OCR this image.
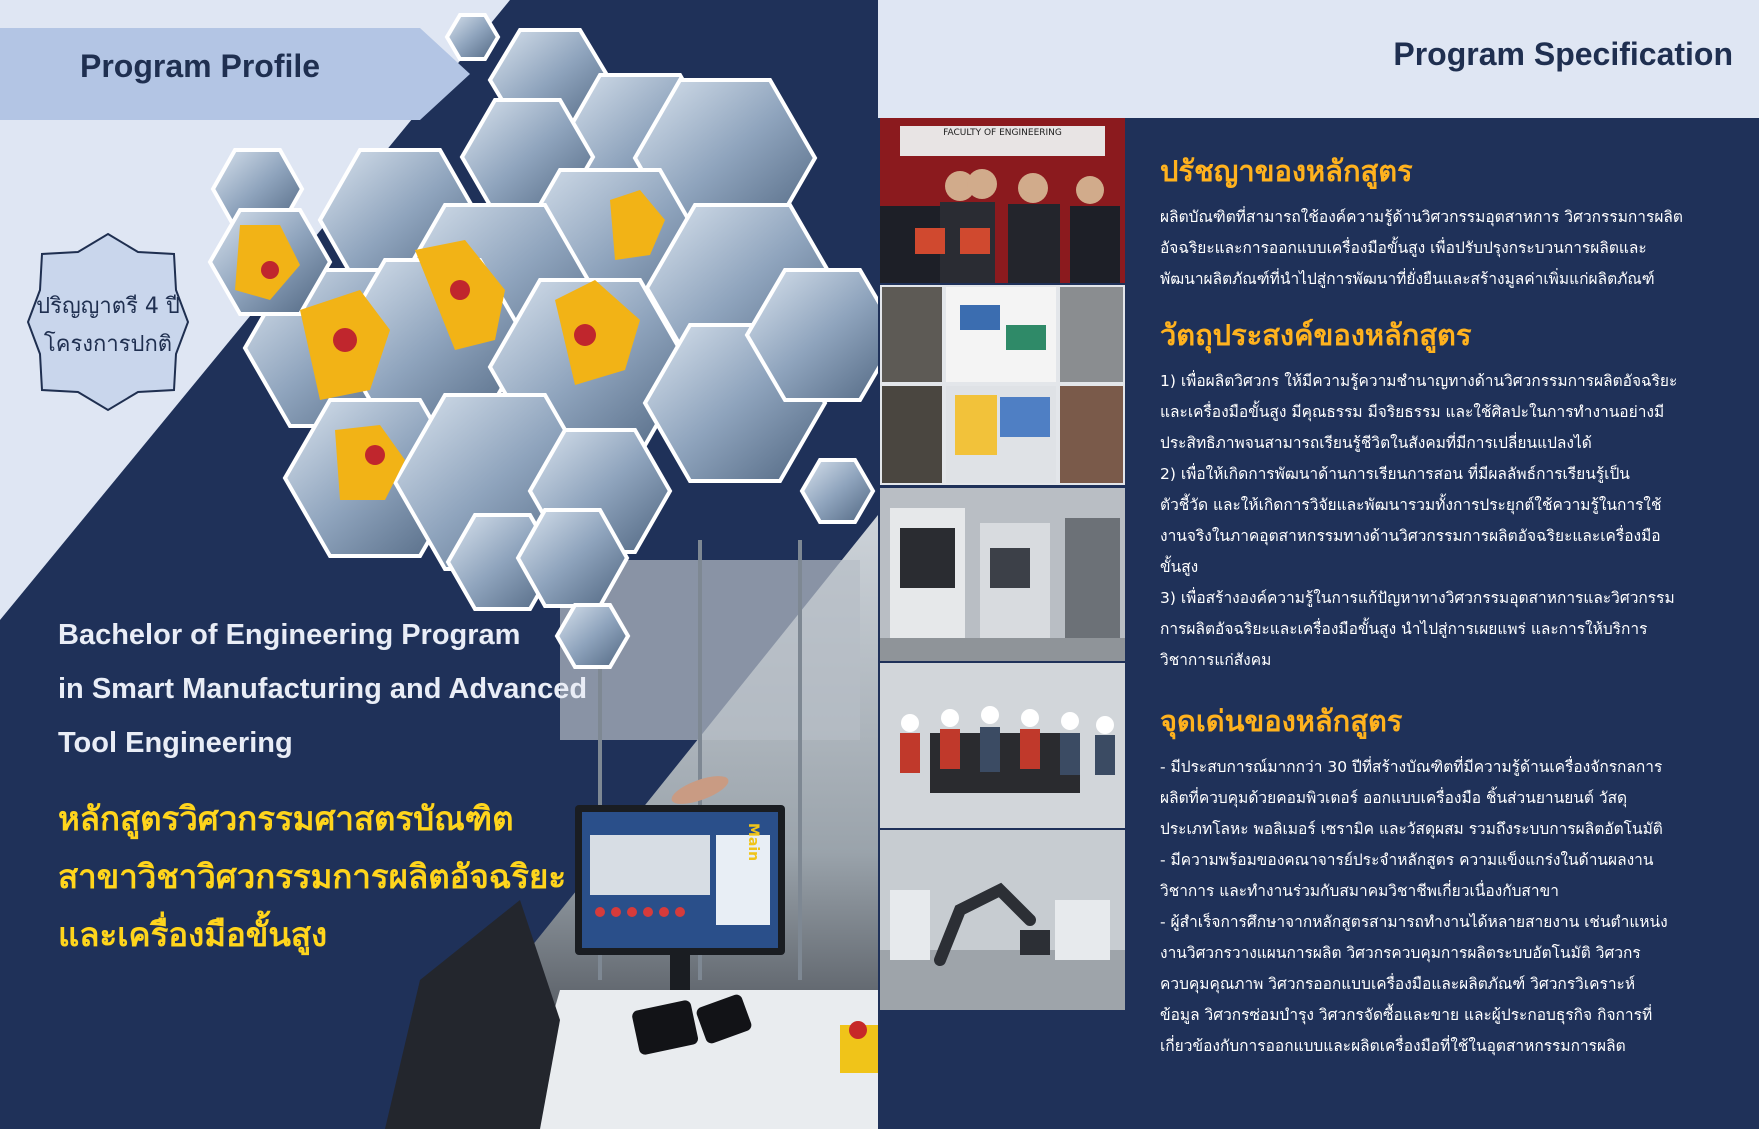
Program Profile
ปริญญาตรี 4 ปี
โครงการปกติ
Bachelor of Engineering Program
in Smart Manufacturing and Advanced
Tool Engineering
หลักสูตรวิศวกรรมศาสตรบัณฑิต
สาขาวิชาวิศวกรรมการผลิตอัจฉริยะ
และเครื่องมือขั้นสูง
Main
Program Specification
FACULTY OF ENGINEERING
ปรัชญาของหลักสูตร
ผลิตบัณฑิตที่สามารถใช้องค์ความรู้ด้านวิศวกรรมอุตสาหการ วิศวกรรมการผลิต
อัจฉริยะและการออกแบบเครื่องมือขั้นสูง เพื่อปรับปรุงกระบวนการผลิตและ
พัฒนาผลิตภัณฑ์ที่นำไปสู่การพัฒนาที่ยั่งยืนและสร้างมูลค่าเพิ่มแก่ผลิตภัณฑ์
วัตถุประสงค์ของหลักสูตร
1) เพื่อผลิตวิศวกร ให้มีความรู้ความชำนาญทางด้านวิศวกรรมการผลิตอัจฉริยะ
และเครื่องมือขั้นสูง มีคุณธรรม มีจริยธรรม และใช้ศิลปะในการทำงานอย่างมี
ประสิทธิภาพจนสามารถเรียนรู้ชีวิตในสังคมที่มีการเปลี่ยนแปลงได้
2) เพื่อให้เกิดการพัฒนาด้านการเรียนการสอน ที่มีผลลัพธ์การเรียนรู้เป็น
ตัวชี้วัด และให้เกิดการวิจัยและพัฒนารวมทั้งการประยุกต์ใช้ความรู้ในการใช้
งานจริงในภาคอุตสาหกรรมทางด้านวิศวกรรมการผลิตอัจฉริยะและเครื่องมือ
ขั้นสูง
3) เพื่อสร้างองค์ความรู้ในการแก้ปัญหาทางวิศวกรรมอุตสาหการและวิศวกรรม
การผลิตอัจฉริยะและเครื่องมือขั้นสูง นำไปสู่การเผยแพร่ และการให้บริการ
วิชาการแก่สังคม
จุดเด่นของหลักสูตร
- มีประสบการณ์มากกว่า 30 ปีที่สร้างบัณฑิตที่มีความรู้ด้านเครื่องจักรกลการ
ผลิตที่ควบคุมด้วยคอมพิวเตอร์ ออกแบบเครื่องมือ ชิ้นส่วนยานยนต์ วัสดุ
ประเภทโลหะ พอลิเมอร์ เซรามิค และวัสดุผสม รวมถึงระบบการผลิตอัตโนมัติ
- มีความพร้อมของคณาจารย์ประจำหลักสูตร ความแข็งแกร่งในด้านผลงาน
วิชาการ และทำงานร่วมกับสมาคมวิชาชีพเกี่ยวเนื่องกับสาขา
- ผู้สำเร็จการศึกษาจากหลักสูตรสามารถทำงานได้หลายสายงาน เช่นตำแหน่ง
งานวิศวกรวางแผนการผลิต วิศวกรควบคุมการผลิตระบบอัตโนมัติ วิศวกร
ควบคุมคุณภาพ วิศวกรออกแบบเครื่องมือและผลิตภัณฑ์ วิศวกรวิเคราะห์
ข้อมูล วิศวกรซ่อมบำรุง วิศวกรจัดซื้อและขาย และผู้ประกอบธุรกิจ กิจการที่
เกี่ยวข้องกับการออกแบบและผลิตเครื่องมือที่ใช้ในอุตสาหกรรมการผลิต
